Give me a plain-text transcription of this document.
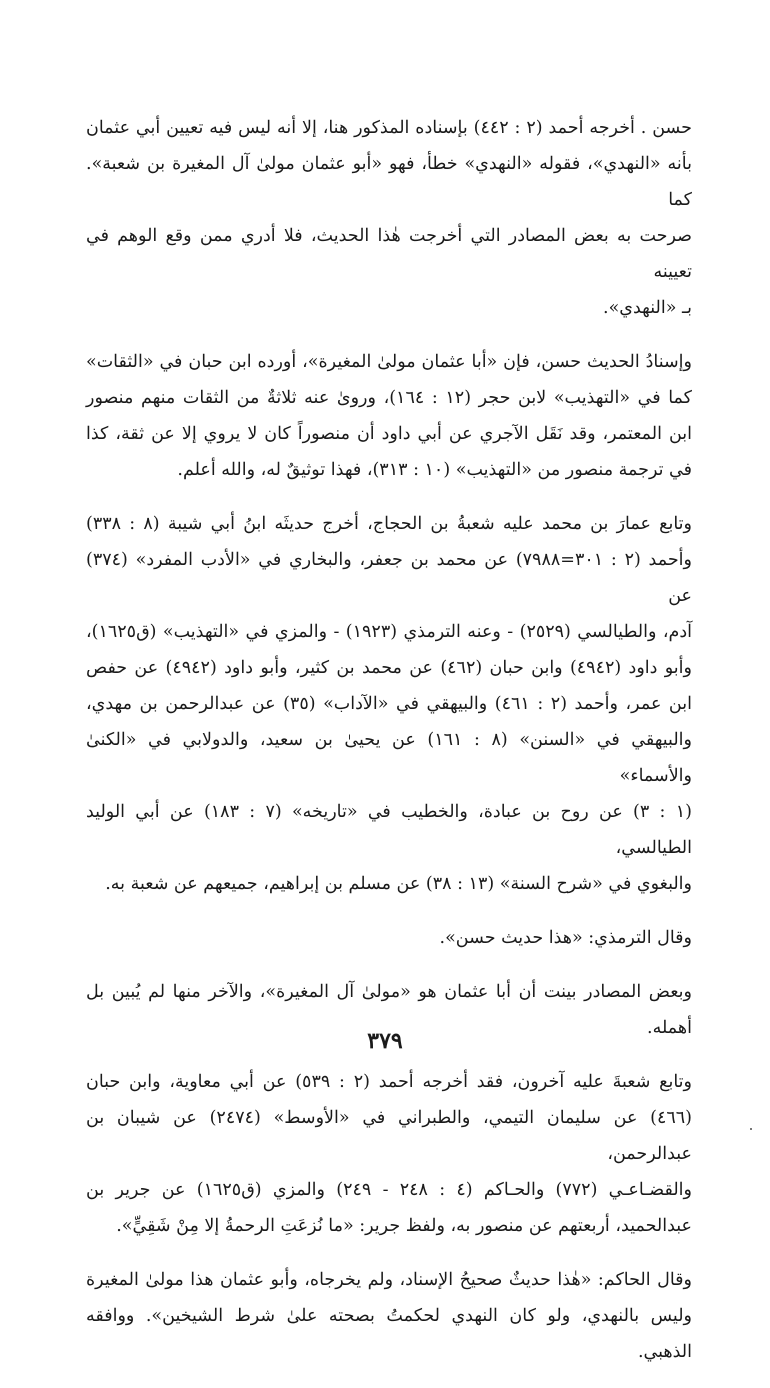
حسن . أخرجه أحمد (٢ : ٤٤٢) بإسناده المذكور هنا، إلا أنه ليس فيه تعيين أبي عثمان
بأنه «النهدي»، فقوله «النهدي» خطأ، فهو «أبو عثمان مولىٰ آل المغيرة بن شعبة». كما
صرحت به بعض المصادر التي أخرجت هٰذا الحديث، فلا أدري ممن وقع الوهم في تعيينه
بـ «النهدي».

وإسنادُ الحديث حسن، فإن «أبا عثمان مولىٰ المغيرة»، أورده ابن حبان في «الثقات»
كما في «التهذيب» لابن حجر (١٢ : ١٦٤)، وروىٰ عنه ثلاثةٌ من الثقات منهم منصور
ابن المعتمر، وقد نَقَل الآجري عن أبي داود أن منصوراً كان لا يروي إلا عن ثقة، كذا
في ترجمة منصور من «التهذيب» (١٠ : ٣١٣)، فهذا توثيقٌ له، والله أعلم.

وتابع عمارَ بن محمد عليه شعبةُ بن الحجاج، أخرج حديثَه ابنُ أبي شيبة (٨ : ٣٣٨)
وأحمد (٢ : ٣٠١=٧٩٨٨) عن محمد بن جعفر، والبخاري في «الأدب المفرد» (٣٧٤) عن
آدم، والطيالسي (٢٥٢٩) - وعنه الترمذي (١٩٢٣) - والمزي في «التهذيب» (ق١٦٢٥)،
وأبو داود (٤٩٤٢) وابن حبان (٤٦٢) عن محمد بن كثير، وأبو داود (٤٩٤٢) عن حفص
ابن عمر، وأحمد (٢ : ٤٦١) والبيهقي في «الآداب» (٣٥) عن عبدالرحمن بن مهدي،
والبيهقي في «السنن» (٨ : ١٦١) عن يحيىٰ بن سعيد، والدولابي في «الكنىٰ والأسماء»
(١ : ٣) عن روح بن عبادة، والخطيب في «تاريخه» (٧ : ١٨٣) عن أبي الوليد الطيالسي،
والبغوي في «شرح السنة» (١٣ : ٣٨) عن مسلم بن إبراهيم، جميعهم عن شعبة به.

وقال الترمذي: «هذا حديث حسن».

وبعض المصادر بينت أن أبا عثمان هو «مولىٰ آل المغيرة»، والآخر منها لم يُبين بل أهمله.

وتابع شعبةَ عليه آخرون، فقد أخرجه أحمد (٢ : ٥٣٩) عن أبي معاوية، وابن حبان
(٤٦٦) عن سليمان التيمي، والطبراني في «الأوسط» (٢٤٧٤) عن شيبان بن عبدالرحمن،
والقضـاعـي (٧٧٢) والحـاكم (٤ : ٢٤٨ - ٢٤٩) والمزي (ق١٦٢٥) عن جرير بن
عبدالحميد، أربعتهم عن منصور به، ولفظ جرير: «ما نُزعَتِ الرحمةُ إلا مِنْ شَقِيٍّ».

وقال الحاكم: «هٰذا حديثٌ صحيحُ الإسناد، ولم يخرجاه، وأبو عثمان هذا مولىٰ المغيرة
وليس بالنهدي، ولو كان النهدي لحكمتُ بصحته علىٰ شرط الشيخين». ووافقه الذهبي.

٣٧٩
